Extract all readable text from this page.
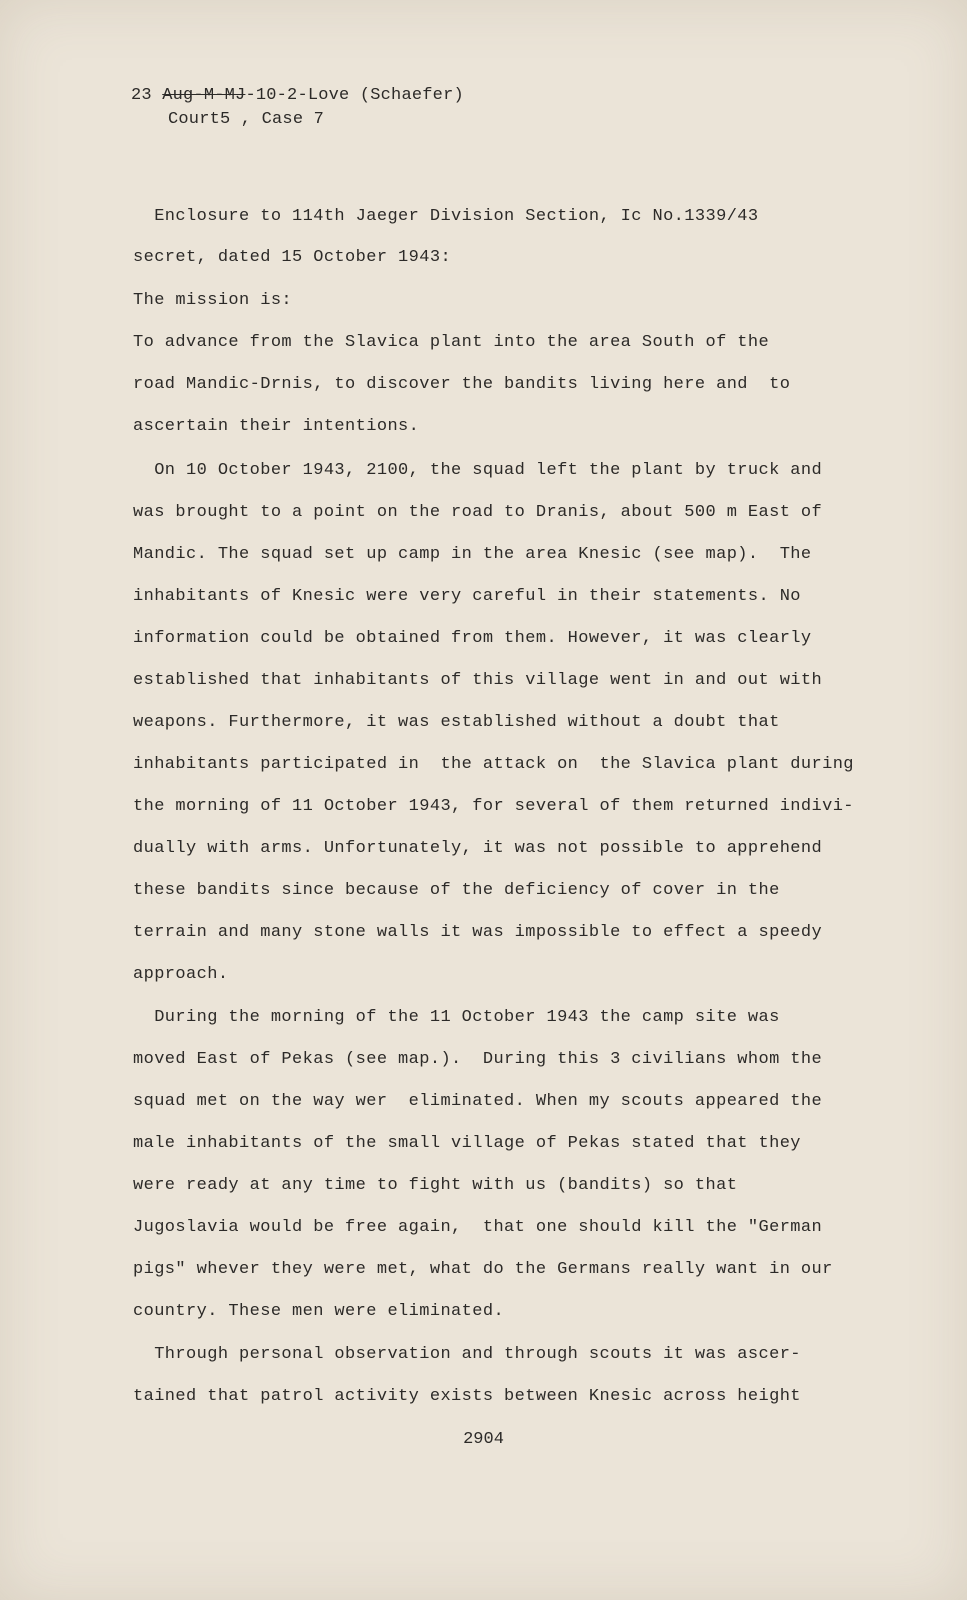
23 Aug-M-MJ-10-2-Love (Schaefer)
Court5 , Case 7
Enclosure to 114th Jaeger Division Section, Ic No.1339/43
secret, dated 15 October 1943:
The mission is:
To advance from the Slavica plant into the area South of the
road Mandic-Drnis, to discover the bandits living here and  to
ascertain their intentions.
On 10 October 1943, 2100, the squad left the plant by truck and
was brought to a point on the road to Dranis, about 500 m East of
Mandic. The squad set up camp in the area Knesic (see map).  The
inhabitants of Knesic were very careful in their statements. No
information could be obtained from them. However, it was clearly
established that inhabitants of this village went in and out with
weapons. Furthermore, it was established without a doubt that
inhabitants participated in  the attack on  the Slavica plant during
the morning of 11 October 1943, for several of them returned indivi-
dually with arms. Unfortunately, it was not possible to apprehend
these bandits since because of the deficiency of cover in the
terrain and many stone walls it was impossible to effect a speedy
approach.
During the morning of the 11 October 1943 the camp site was
moved East of Pekas (see map.).  During this 3 civilians whom the
squad met on the way wer  eliminated. When my scouts appeared the
male inhabitants of the small village of Pekas stated that they
were ready at any time to fight with us (bandits) so that
Jugoslavia would be free again,  that one should kill the "German
pigs" whever they were met, what do the Germans really want in our
country. These men were eliminated.
Through personal observation and through scouts it was ascer-
tained that patrol activity exists between Knesic across height
2904
